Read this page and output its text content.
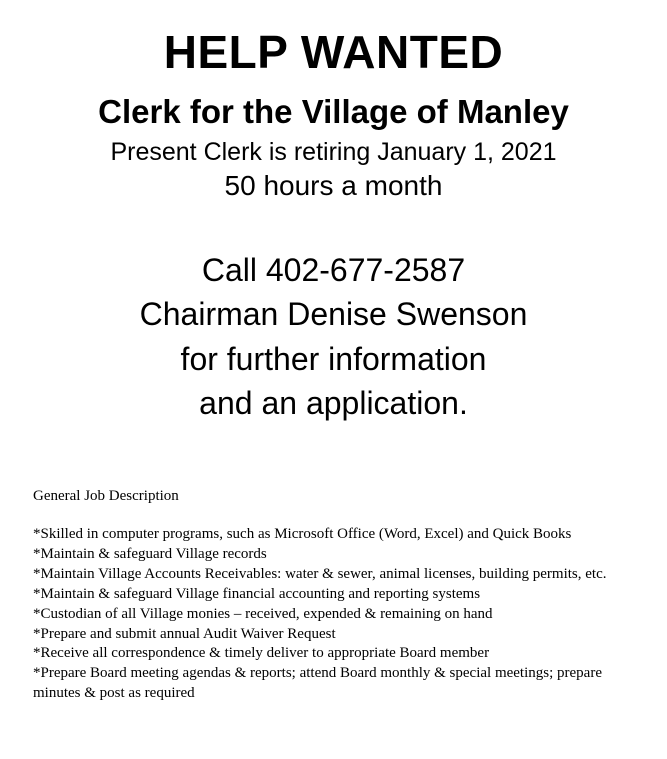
HELP WANTED
Clerk for the Village of Manley

Present Clerk is retiring January 1, 2021

50 hours a month

Call 402-677-2587

Chairman Denise Swenson

for further information

and an application.

General Job Description

*Skilled in computer programs, such as Microsoft Office (Word, Excel) and Quick Books
*Maintain & safeguard Village records
*Maintain Village Accounts Receivables: water & sewer, animal licenses, building permits, etc.
*Maintain & safeguard Village financial accounting and reporting systems
*Custodian of all Village monies – received, expended & remaining on hand
*Prepare and submit annual Audit Waiver Request
*Receive all correspondence & timely deliver to appropriate Board member
*Prepare Board meeting agendas & reports; attend Board monthly & special meetings; prepare minutes & post as required
